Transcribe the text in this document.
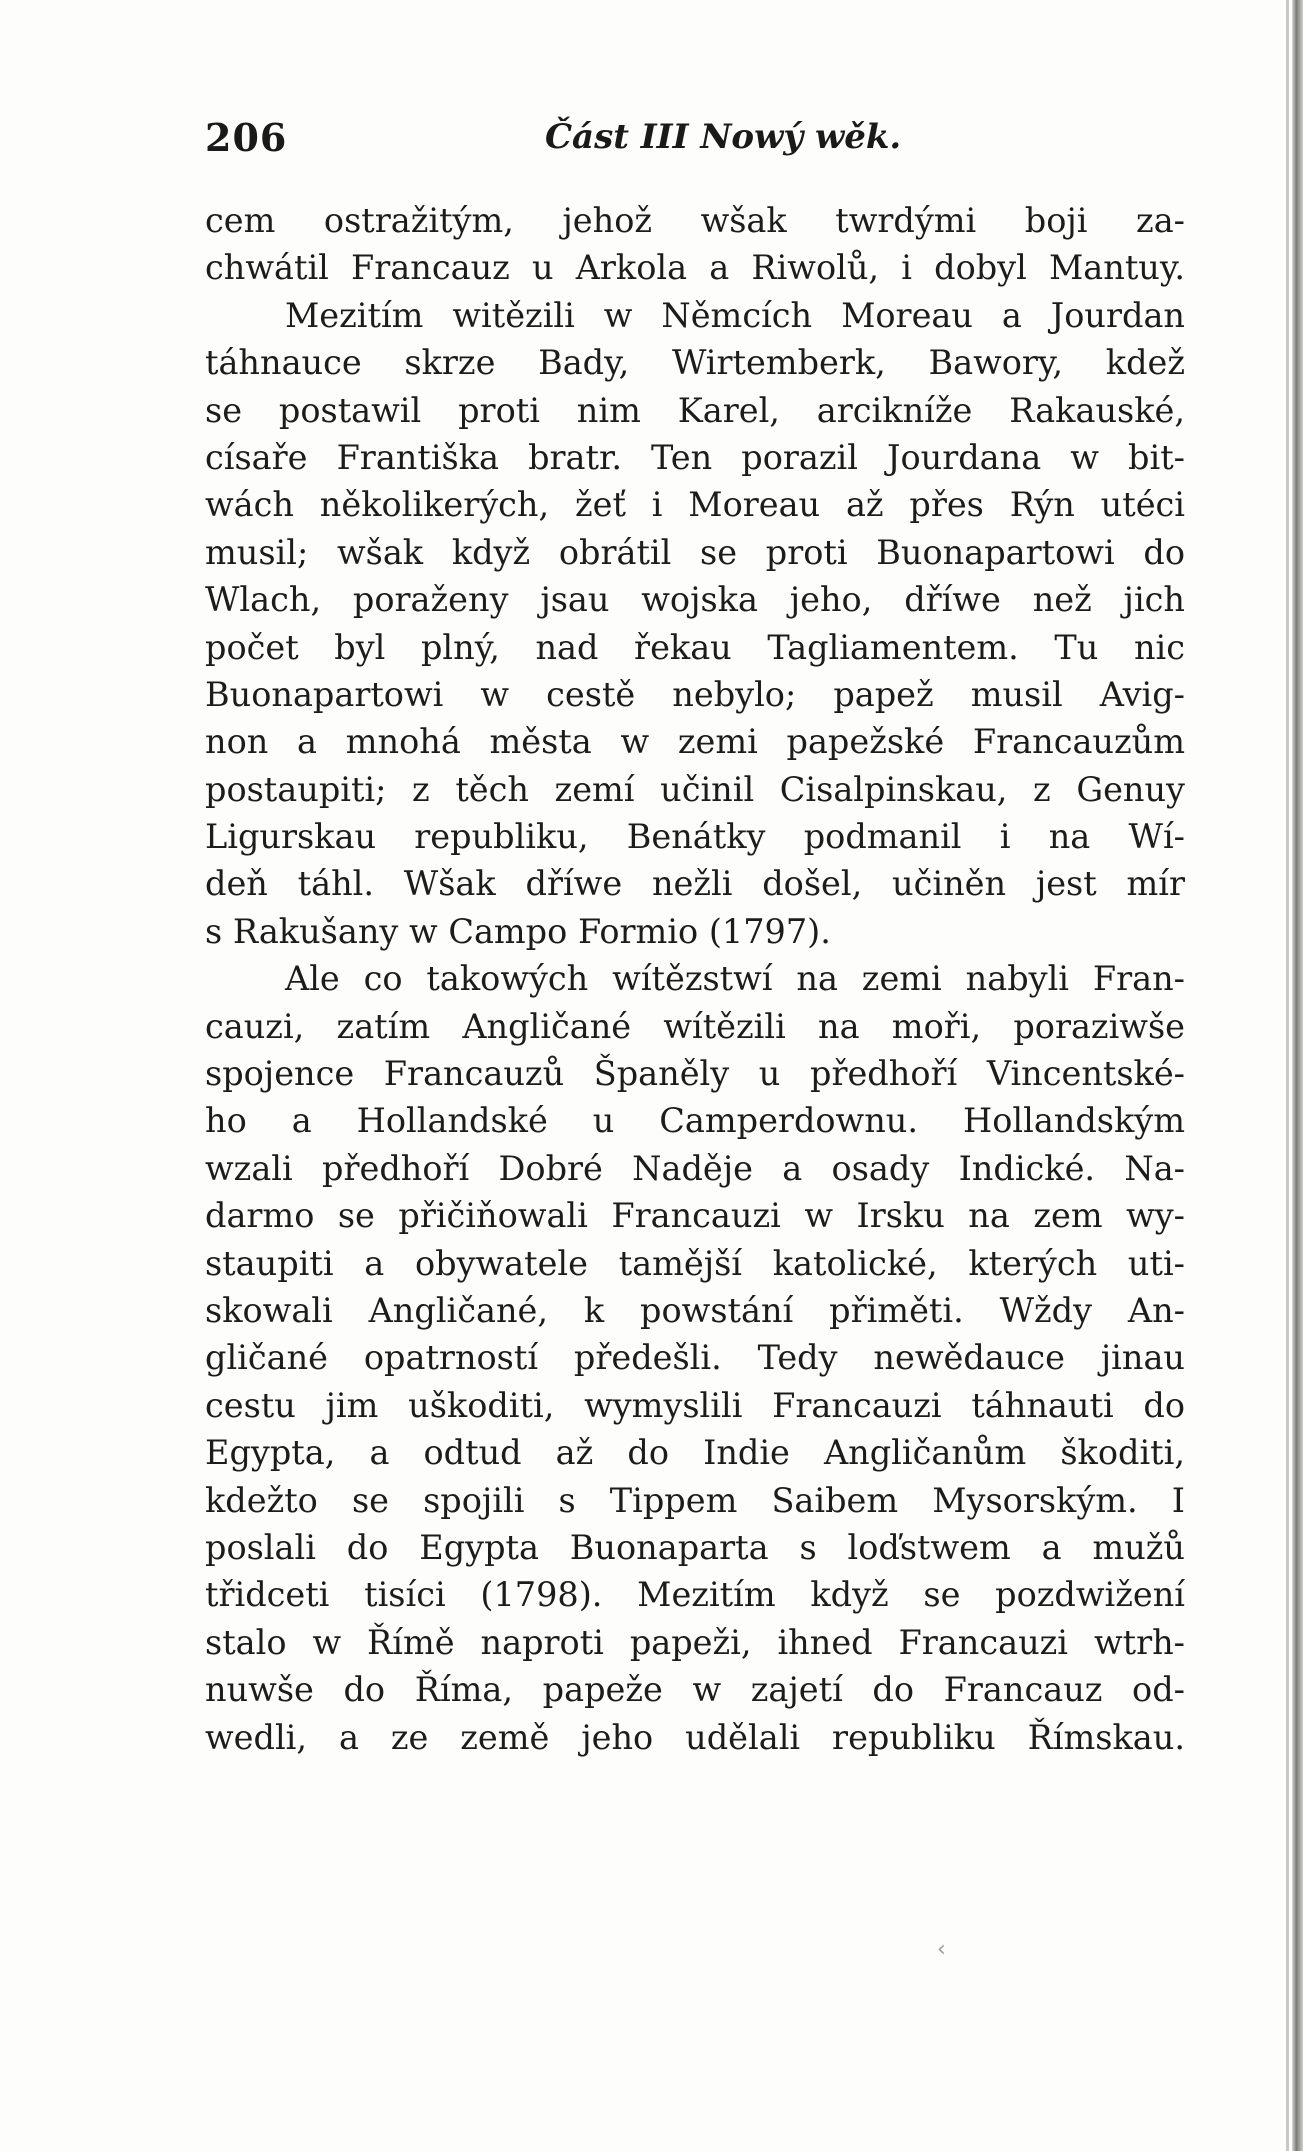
206	Část III Nowý wěk.
cem ostražitým, jehož wšak twrdými boji za-
chwátil Francauz u Arkola a Riwolů, i dobyl Mantuy.
Mezitím witězili w Němcích Moreau a Jourdan
táhnauce skrze Bady, Wirtemberk, Bawory, kdež
se postawil proti nim Karel, arcikníže Rakauské,
císaře Františka bratr. Ten porazil Jourdana w bit-
wách několikerých, žeť i Moreau až přes Rýn utéci
musil; wšak když obrátil se proti Buonapartowi do
Wlach, poraženy jsau wojska jeho, dříwe než jich
počet byl plný, nad řekau Tagliamentem. Tu nic
Buonapartowi w cestě nebylo; papež musil Avig-
non a mnohá města w zemi papežské Francauzům
postaupiti; z těch zemí učinil Cisalpinskau, z Genuy
Ligurskau republiku, Benátky podmanil i na Wí-
deň táhl. Wšak dříwe nežli došel, učiněn jest mír
s Rakušany w Campo Formio (1797).
Ale co takowých wítězstwí na zemi nabyli Fran-
cauzi, zatím Angličané wítězili na moři, poraziwše
spojence Francauzů Španěly u předhoří Vincentské-
ho a Hollandské u Camperdownu. Hollandským
wzali předhoří Dobré Naděje a osady Indické. Na-
darmo se přičiňowali Francauzi w Irsku na zem wy-
staupiti a obywatele tamější katolické, kterých uti-
skowali Angličané, k powstání přiměti. Wždy An-
gličané opatrností předešli. Tedy newědauce jinau
cestu jim uškoditi, wymyslili Francauzi táhnauti do
Egypta, a odtud až do Indie Angličanům škoditi,
kdežto se spojili s Tippem Saibem Mysorským. I
poslali do Egypta Buonaparta s loďstwem a mužů
třidceti tisíci (1798). Mezitím když se pozdwižení
stalo w Římě naproti papeži, ihned Francauzi wtrh-
nuwše do Říma, papeže w zajetí do Francauz od-
wedli, a ze země jeho udělali republiku Římskau.
‹
